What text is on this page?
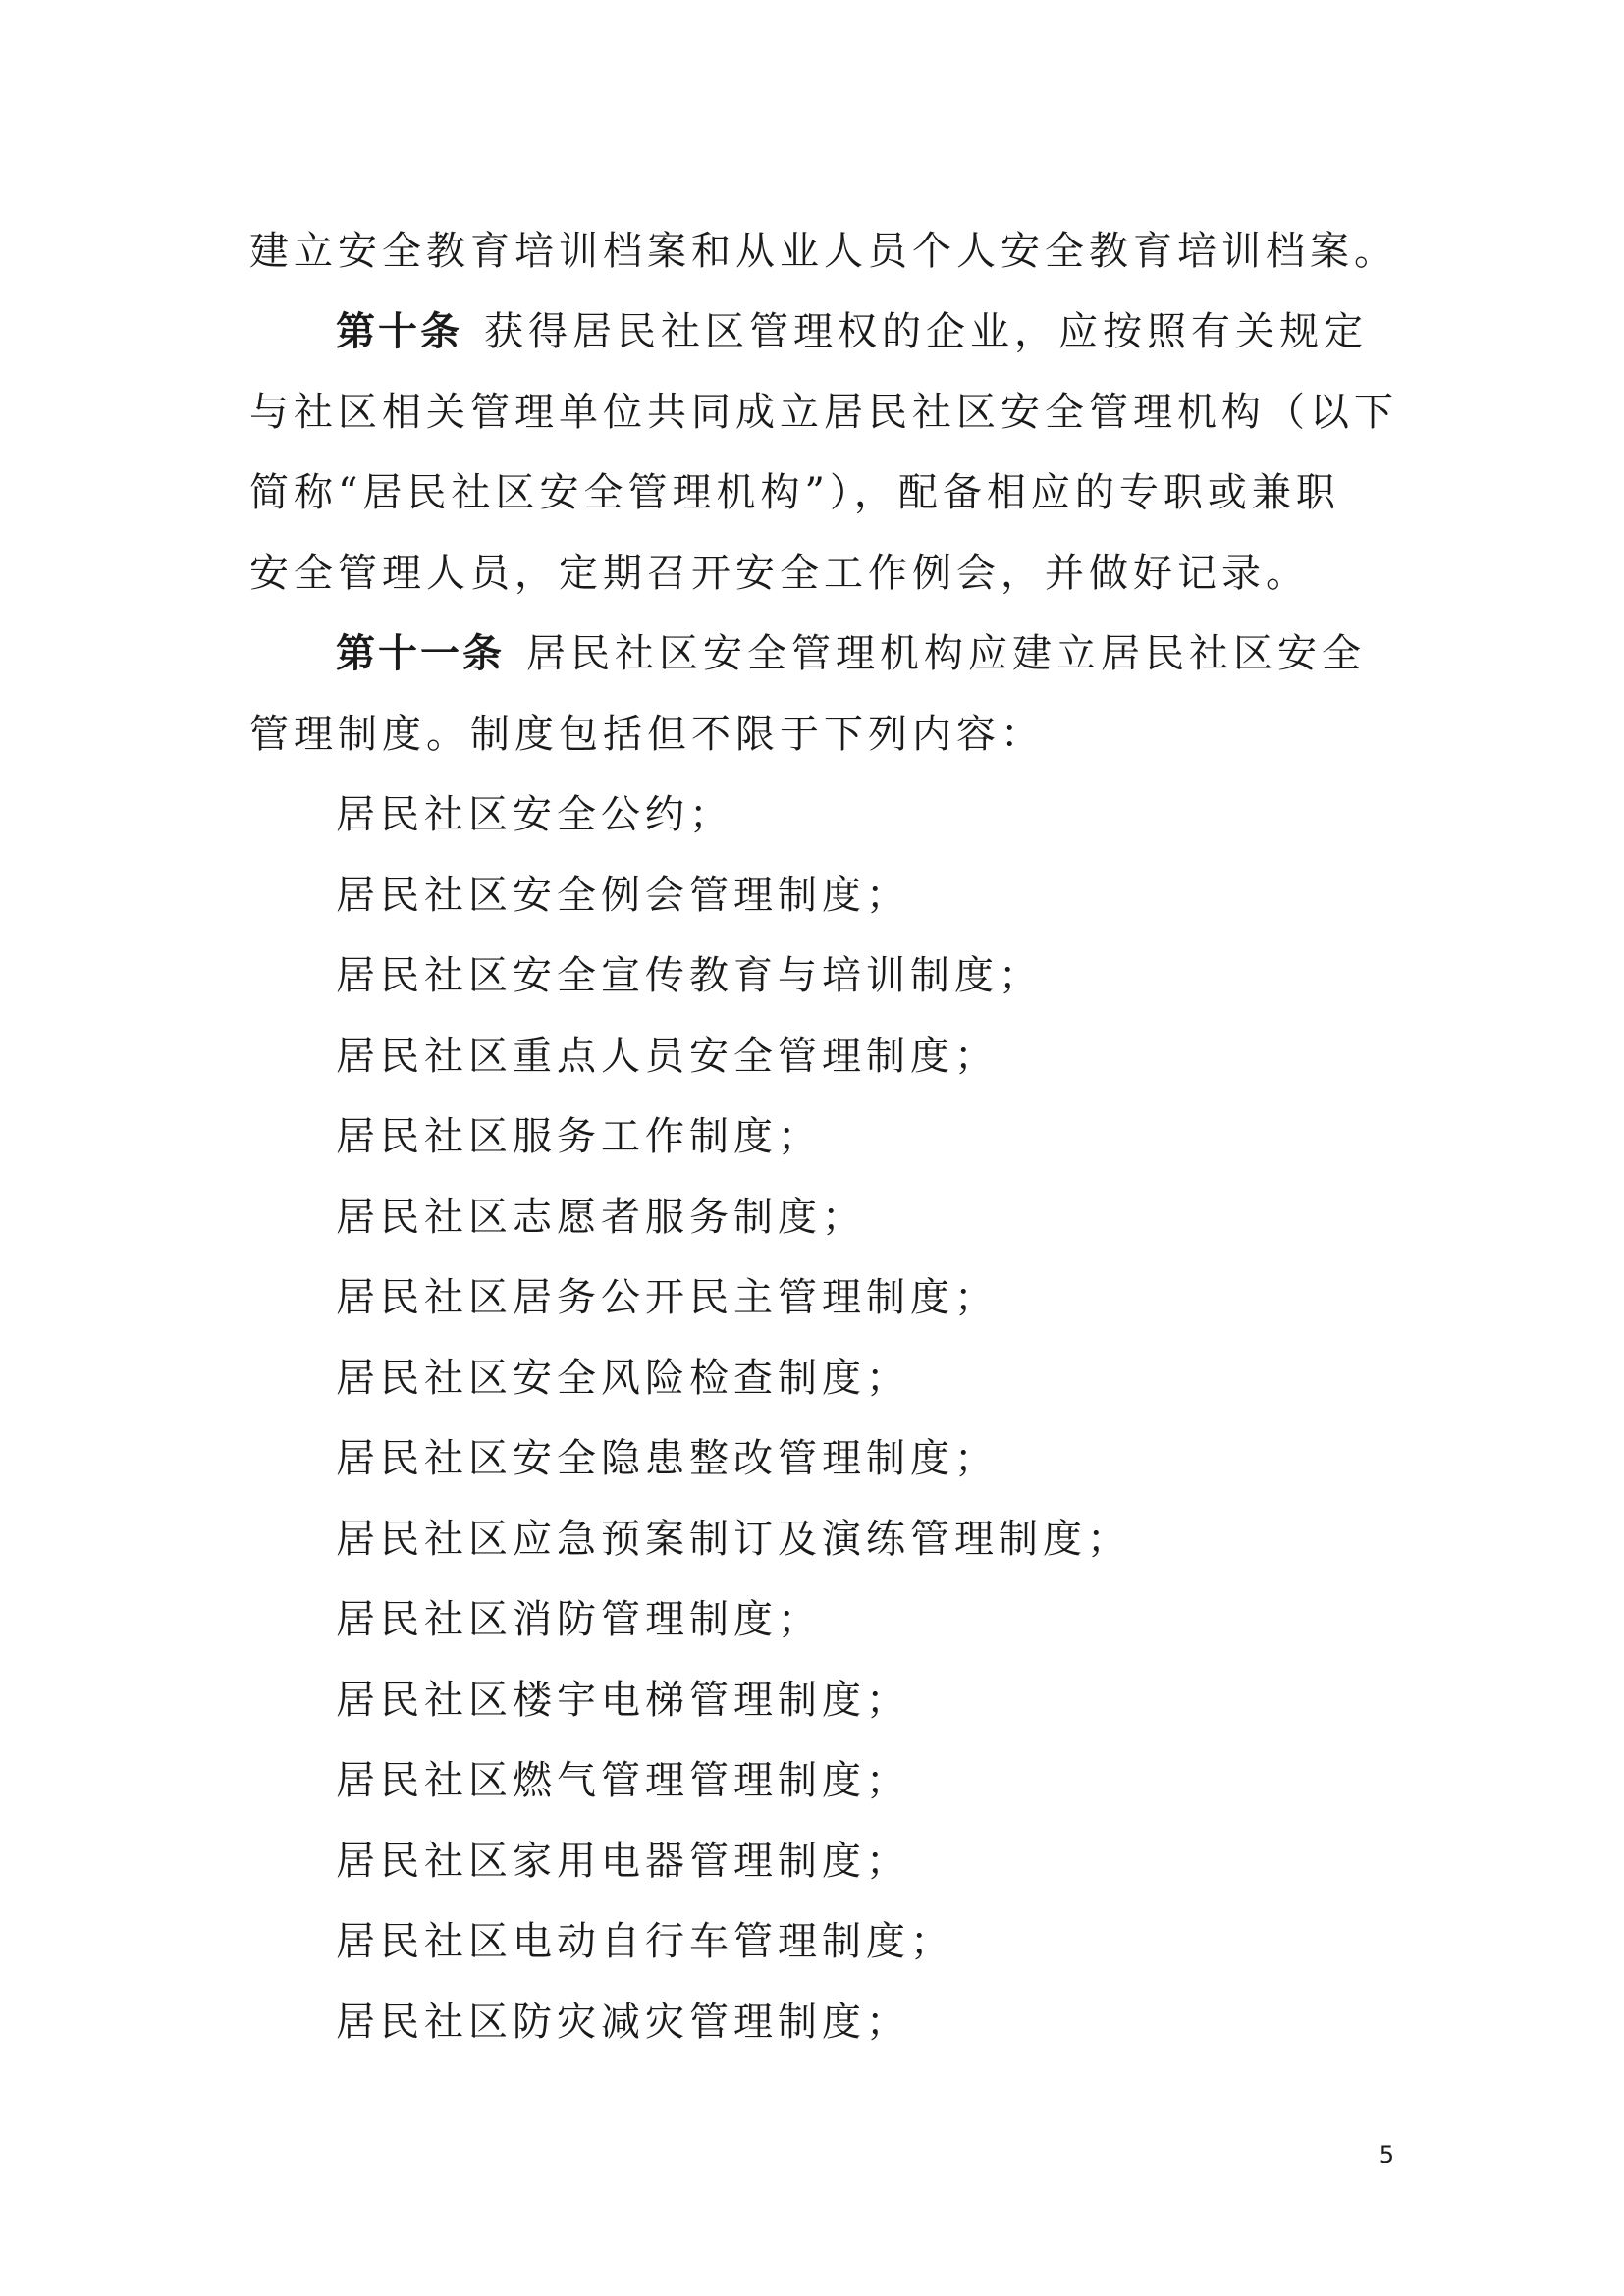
建立安全教育培训档案和从业人员个人安全教育培训档案。
第十条 获得居民社区管理权的企业，应按照有关规定
与社区相关管理单位共同成立居民社区安全管理机构（以下
简称“居民社区安全管理机构”），配备相应的专职或兼职
安全管理人员，定期召开安全工作例会，并做好记录。
第十一条 居民社区安全管理机构应建立居民社区安全
管理制度。制度包括但不限于下列内容：
居民社区安全公约；
居民社区安全例会管理制度；
居民社区安全宣传教育与培训制度；
居民社区重点人员安全管理制度；
居民社区服务工作制度；
居民社区志愿者服务制度；
居民社区居务公开民主管理制度；
居民社区安全风险检查制度；
居民社区安全隐患整改管理制度；
居民社区应急预案制订及演练管理制度；
居民社区消防管理制度；
居民社区楼宇电梯管理制度；
居民社区燃气管理管理制度；
居民社区家用电器管理制度；
居民社区电动自行车管理制度；
居民社区防灾减灾管理制度；
5
